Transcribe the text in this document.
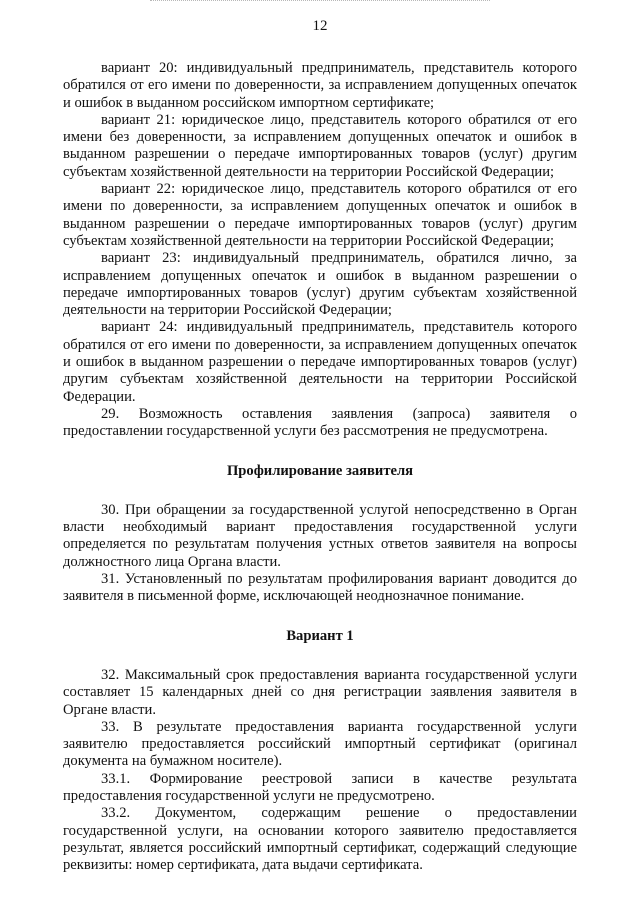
12

вариант 20: индивидуальный предприниматель, представитель которого обратился от его имени по доверенности, за исправлением допущенных опечаток и ошибок в выданном российском импортном сертификате;

вариант 21: юридическое лицо, представитель которого обратился от его имени без доверенности, за исправлением допущенных опечаток и ошибок в выданном разрешении о передаче импортированных товаров (услуг) другим субъектам хозяйственной деятельности на территории Российской Федерации;

вариант 22: юридическое лицо, представитель которого обратился от его имени по доверенности, за исправлением допущенных опечаток и ошибок в выданном разрешении о передаче импортированных товаров (услуг) другим субъектам хозяйственной деятельности на территории Российской Федерации;

вариант 23: индивидуальный предприниматель, обратился лично, за исправлением допущенных опечаток и ошибок в выданном разрешении о передаче импортированных товаров (услуг) другим субъектам хозяйственной деятельности на территории Российской Федерации;

вариант 24: индивидуальный предприниматель, представитель которого обратился от его имени по доверенности, за исправлением допущенных опечаток и ошибок в выданном разрешении о передаче импортированных товаров (услуг) другим субъектам хозяйственной деятельности на территории Российской Федерации.

29. Возможность оставления заявления (запроса) заявителя о предоставлении государственной услуги без рассмотрения не предусмотрена.

Профилирование заявителя

30. При обращении за государственной услугой непосредственно в Орган власти необходимый вариант предоставления государственной услуги определяется по результатам получения устных ответов заявителя на вопросы должностного лица Органа власти.

31. Установленный по результатам профилирования вариант доводится до заявителя в письменной форме, исключающей неоднозначное понимание.

Вариант 1

32. Максимальный срок предоставления варианта государственной услуги составляет 15 календарных дней со дня регистрации заявления заявителя в Органе власти.

33. В результате предоставления варианта государственной услуги заявителю предоставляется российский импортный сертификат (оригинал документа на бумажном носителе).

33.1. Формирование реестровой записи в качестве результата предоставления государственной услуги не предусмотрено.

33.2. Документом, содержащим решение о предоставлении государственной услуги, на основании которого заявителю предоставляется результат, является российский импортный сертификат, содержащий следующие реквизиты: номер сертификата, дата выдачи сертификата.
